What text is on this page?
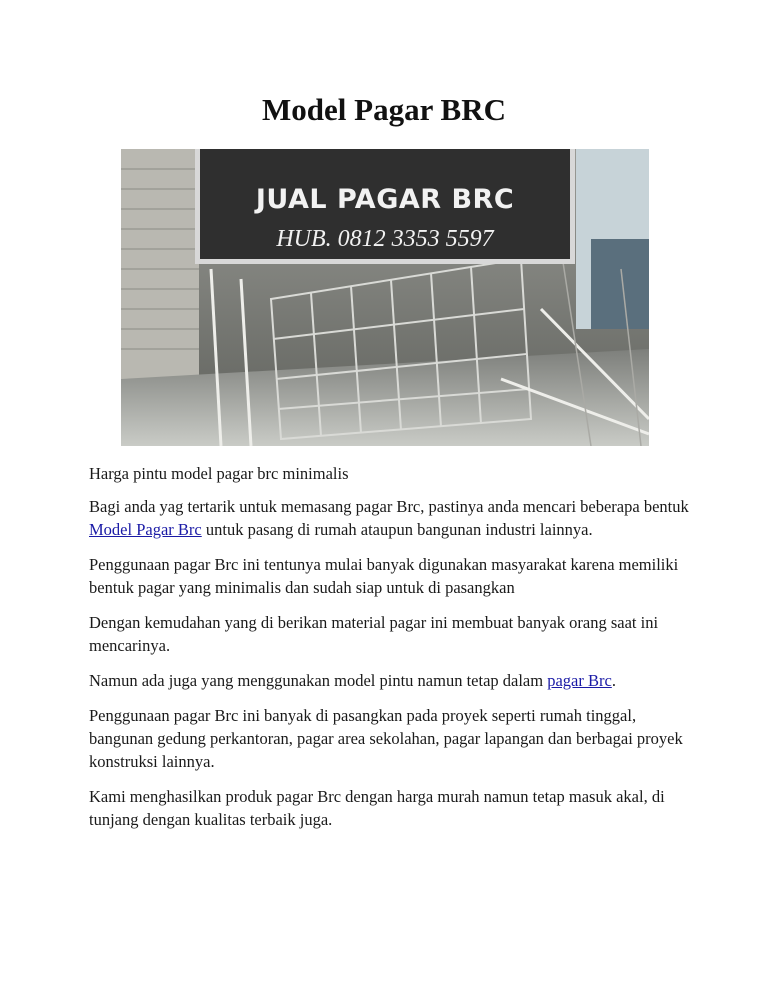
Model Pagar BRC
JUAL PAGAR BRC
HUB. 0812 3353 5597

Harga pintu model pagar brc minimalis

Bagi anda yag tertarik untuk memasang pagar Brc, pastinya anda mencari beberapa bentuk Model Pagar Brc untuk pasang di rumah ataupun bangunan industri lainnya.

Penggunaan pagar Brc ini tentunya mulai banyak digunakan masyarakat karena memiliki bentuk pagar yang minimalis dan sudah siap untuk di pasangkan

Dengan kemudahan yang di berikan material pagar ini membuat banyak orang saat ini mencarinya.

Namun ada juga yang menggunakan model pintu namun tetap dalam pagar Brc.

Penggunaan pagar Brc ini banyak di pasangkan pada proyek seperti rumah tinggal, bangunan gedung perkantoran, pagar area sekolahan, pagar lapangan dan berbagai proyek konstruksi lainnya.

Kami menghasilkan produk pagar Brc dengan harga murah namun tetap masuk akal, di tunjang dengan kualitas terbaik juga.
